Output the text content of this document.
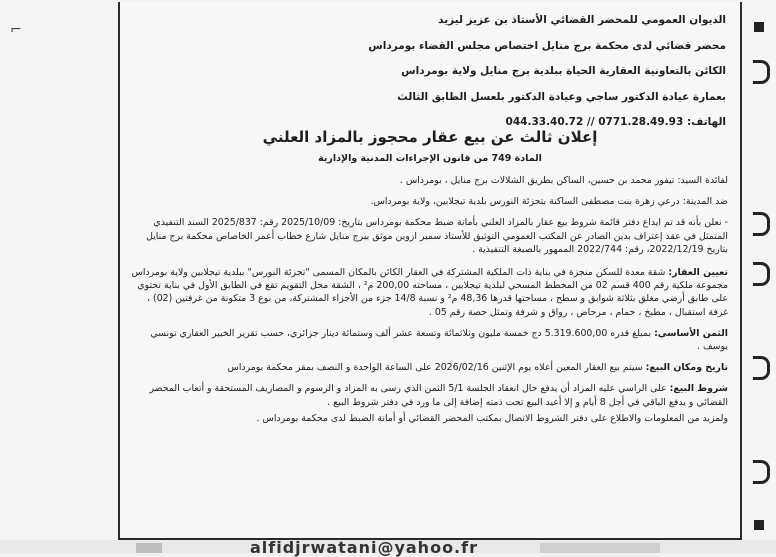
⌐
الديوان العمومي للمحضر القضائي الأستاذ بن عزيز ليزيد
محضر قضائي لدى محكمة برج منايل اختصاص مجلس القضاء بومرداس
الكائن بالتعاونية العقارية الحياة ببلدية برج منايل ولاية بومرداس
بعمارة عيادة الدكتور ساجي وعيادة الدكتور بلعسل الطابق الثالث
الهاتف: 044.33.40.72 // 0771.28.49.93
إعلان ثالث عن بيع عقار محجوز بالمزاد العلني
المادة 749 من قانون الإجراءات المدنية والإدارية

لفائدة السيد: تيفور محمد بن حسين، الساكن بطريق الشلالات برج منايل ، بومرداس .

ضد المدينة: درعي زهرة بنت مصطفى الساكنة بتجزئة النورس بلدية تيجلابين، ولاية بومرداس.

- نعلن بأنه قد تم ايداع دفتر قائمة شروط بيع عقار بالمزاد العلني بأمانة ضبط محكمة بومرداس بتاريخ: 2025/10/09 رقم: 2025/837 السند التنفيذي المتمثل في عقد إعتراف بدين الصادر عن المكتب العمومي التوثيق للأستاذ سمير ازوين موثق ببرج منايل شارع خطاب أعمر الخاصاص محكمة برج منايل بتاريخ 2022/12/19، رقم: 2022/744 الممهور بالصيغة التنفيذية .

تعيين العقار: شقة معدة للسكن منجزة في بناية ذات الملكية المشتركة في العقار الكائن بالمكان المسمى "تجزئة النورس" ببلدية تيجلابين ولاية بومرداس مجموعة ملكية رقم 400 قسم 02 من المخطط المسحي لبلدية تيجلابين ، مساحته 200,00 م² ، الشقة محل التقويم تقع في الطابق الأول في بناية تحتوي على طابق أرضي مغلق بثلاثة شوابق و سطح ، مساحتها قدرها 48,36 م² و نسبة 14/8 جزء من الأجزاء المشتركة، من نوع 3 متكونة من غرفتين (02) ، غرفة استقبال ، مطبخ ، حمام ، مرحاض ، رواق و شرفة وتمثل حصة رقم 05 .

الثمن الأساسي: بمبلغ قدره 5.319.600,00 دج خمسة مليون وثلاثمائة وتسعة عشر ألف وستمائة دينار جزائري، حسب تقرير الخبير العقاري تونسي يوسف .

تاريخ ومكان البيع: سيتم بيع العقار المعين أعلاه يوم الإثنين 2026/02/16 على الساعة الواحدة و النصف بمقر محكمة بومرداس

شروط البيع: على الراسي عليه المزاد أن يدفع حال انعقاد الجلسة 5/1 الثمن الذي رسى به المزاد و الرسوم و المصاريف المستحقة و أتعاب المحضر القضائي و يدفع الباقي في أجل 8 أيام و إلا أعيد البيع تحت ذمته إضافة إلى ما ورد في دفتر شروط البيع .

ولمزيد من المعلومات والاطلاع على دفتر الشروط الاتصال بمكتب المحضر القضائي أو أمانة الضبط لدى محكمة بومرداس .

alfidjrwatani@yahoo.fr
